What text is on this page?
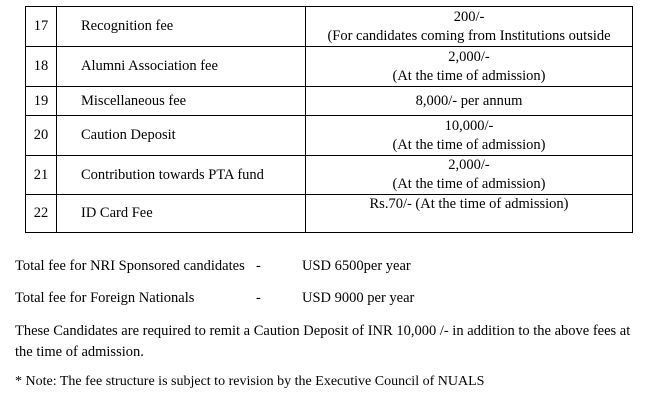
17	Recognition fee	200/-
(For candidates coming from Institutions outside

18	Alumni Association fee	2,000/-
(At the time of admission)

19	Miscellaneous fee	8,000/- per annum

20	Caution Deposit	10,000/-
(At the time of admission)

21	Contribution towards PTA fund	2,000/-
(At the time of admission)

22	ID Card Fee	Rs.70/- (At the time of admission)
Total fee for NRI Sponsored candidates -	USD 6500per year
Total fee for Foreign Nationals	-	USD 9000 per year
These Candidates are required to remit a Caution Deposit of INR 10,000 /- in addition to the above fees at the time of admission.
* Note: The fee structure is subject to revision by the Executive Council of NUALS
